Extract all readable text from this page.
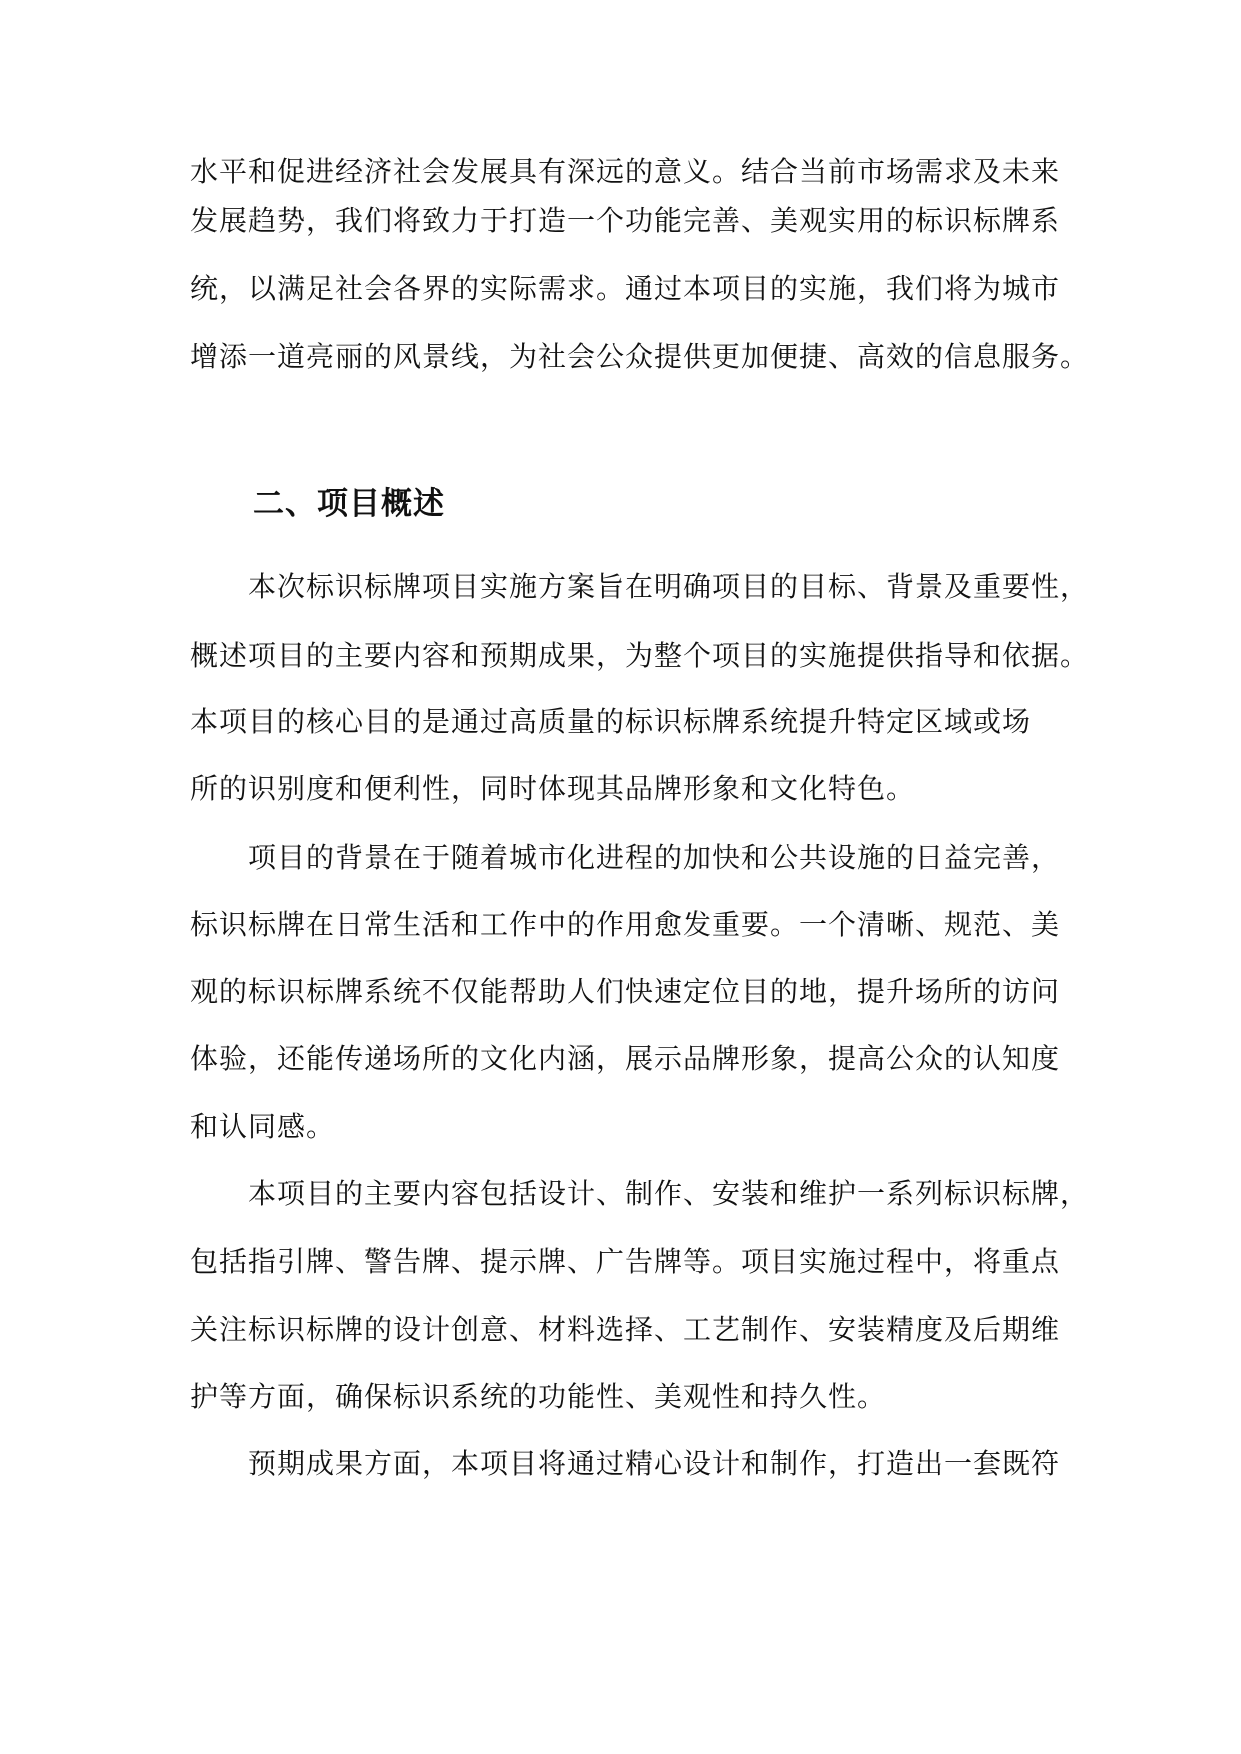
水平和促进经济社会发展具有深远的意义。结合当前市场需求及未来
发展趋势，我们将致力于打造一个功能完善、美观实用的标识标牌系
统，以满足社会各界的实际需求。通过本项目的实施，我们将为城市
增添一道亮丽的风景线，为社会公众提供更加便捷、高效的信息服务。
二、项目概述
本次标识标牌项目实施方案旨在明确项目的目标、背景及重要性，
概述项目的主要内容和预期成果，为整个项目的实施提供指导和依据。
本项目的核心目的是通过高质量的标识标牌系统提升特定区域或场
所的识别度和便利性，同时体现其品牌形象和文化特色。
项目的背景在于随着城市化进程的加快和公共设施的日益完善，
标识标牌在日常生活和工作中的作用愈发重要。一个清晰、规范、美
观的标识标牌系统不仅能帮助人们快速定位目的地，提升场所的访问
体验，还能传递场所的文化内涵，展示品牌形象，提高公众的认知度
和认同感。
本项目的主要内容包括设计、制作、安装和维护一系列标识标牌，
包括指引牌、警告牌、提示牌、广告牌等。项目实施过程中，将重点
关注标识标牌的设计创意、材料选择、工艺制作、安装精度及后期维
护等方面，确保标识系统的功能性、美观性和持久性。
预期成果方面，本项目将通过精心设计和制作，打造出一套既符
